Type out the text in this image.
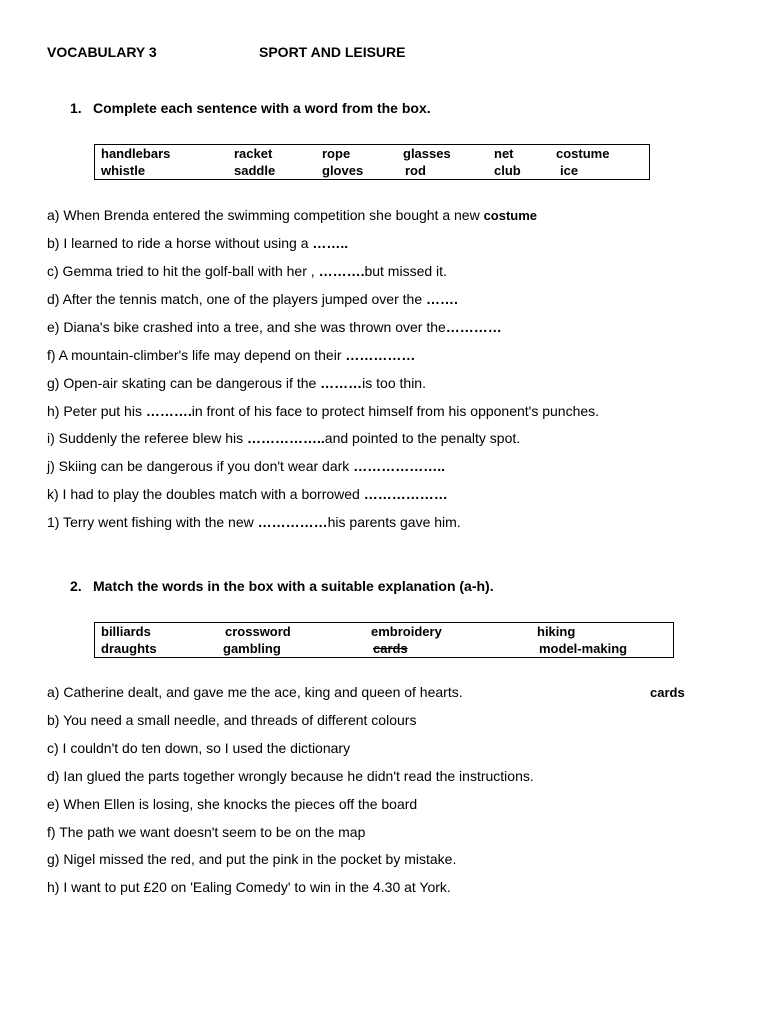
VOCABULARY 3	SPORT AND LEISURE
1. Complete each sentence with a word from the box.
handlebars	racket	rope	glasses	net	costume
whistle	saddle	gloves	rod	club	ice
a) When Brenda entered the swimming competition she bought a new costume
b) I learned to ride a horse without using a ……..
c) Gemma tried to hit the golf-ball with her , ……….but missed it.
d) After the tennis match, one of the players jumped over the …….
e) Diana's bike crashed into a tree, and she was thrown over the…………
f) A mountain-climber's life may depend on their ……………
g) Open-air skating can be dangerous if the ………is too thin.
h) Peter put his ……….in front of his face to protect himself from his opponent's punches.
i) Suddenly the referee blew his ……………..and pointed to the penalty spot.
j) Skiing can be dangerous if you don't wear dark ………………..
k) I had to play the doubles match with a borrowed ………………
1) Terry went fishing with the new ……………his parents gave him.
2. Match the words in the box with a suitable explanation (a-h).
billiards	crossword	embroidery	hiking
draughts	gambling	cards	model-making
a) Catherine dealt, and gave me the ace, king and queen of hearts.	cards
b) You need a small needle, and threads of different colours
c) I couldn't do ten down, so I used the dictionary
d) Ian glued the parts together wrongly because he didn't read the instructions.
e) When Ellen is losing, she knocks the pieces off the board
f) The path we want doesn't seem to be on the map
g) Nigel missed the red, and put the pink in the pocket by mistake.
h) I want to put £20 on 'Ealing Comedy' to win in the 4.30 at York.
